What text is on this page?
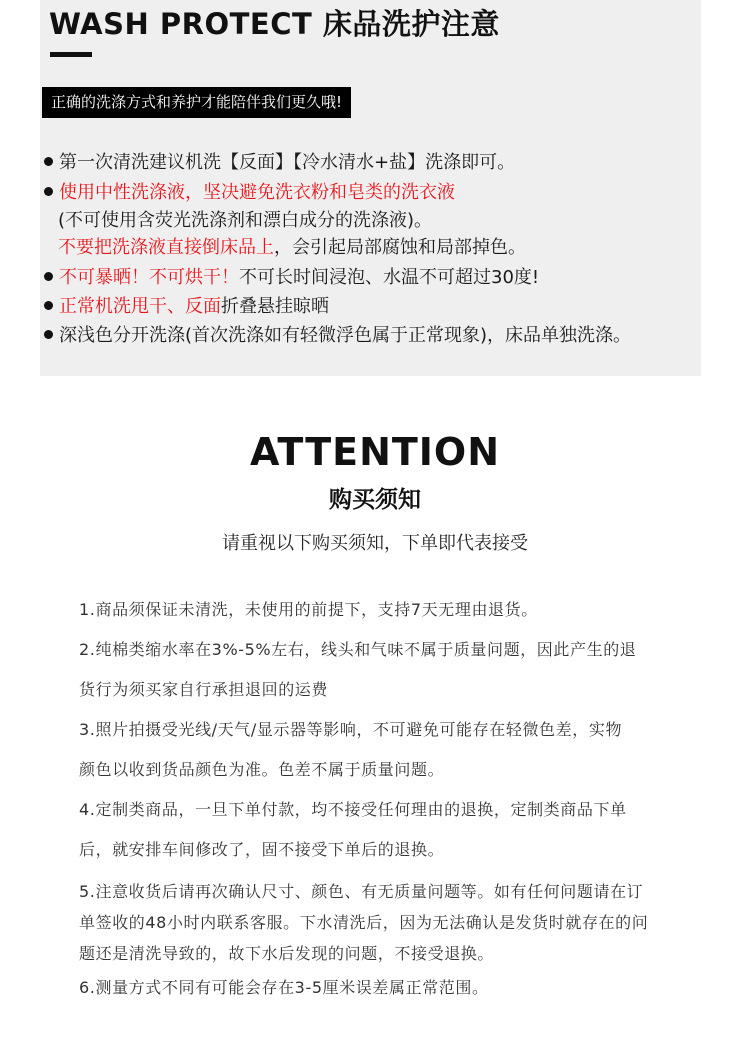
WASH PROTECT 床品洗护注意
正确的洗涤方式和养护才能陪伴我们更久哦!
第一次清洗建议机洗【反面】【冷水清水+盐】洗涤即可。
使用中性洗涤液，坚决避免洗衣粉和皂类的洗衣液
(不可使用含荧光洗涤剂和漂白成分的洗涤液)。
不要把洗涤液直接倒床品上，会引起局部腐蚀和局部掉色。
不可暴晒！不可烘干！不可长时间浸泡、水温不可超过30度!
正常机洗甩干、反面折叠悬挂晾晒
深浅色分开洗涤(首次洗涤如有轻微浮色属于正常现象)，床品单独洗涤。
ATTENTION
购买须知
请重视以下购买须知，下单即代表接受
1.商品须保证未清洗，未使用的前提下，支持7天无理由退货。
2.纯棉类缩水率在3%-5%左右，线头和气味不属于质量问题，因此产生的退
货行为须买家自行承担退回的运费
3.照片拍摄受光线/天气/显示器等影响，不可避免可能存在轻微色差，实物
颜色以收到货品颜色为准。色差不属于质量问题。
4.定制类商品，一旦下单付款，均不接受任何理由的退换，定制类商品下单
后，就安排车间修改了，固不接受下单后的退换。
5.注意收货后请再次确认尺寸、颜色、有无质量问题等。如有任何问题请在订
单签收的48小时内联系客服。下水清洗后，因为无法确认是发货时就存在的问
题还是清洗导致的，故下水后发现的问题，不接受退换。
6.测量方式不同有可能会存在3-5厘米误差属正常范围。
